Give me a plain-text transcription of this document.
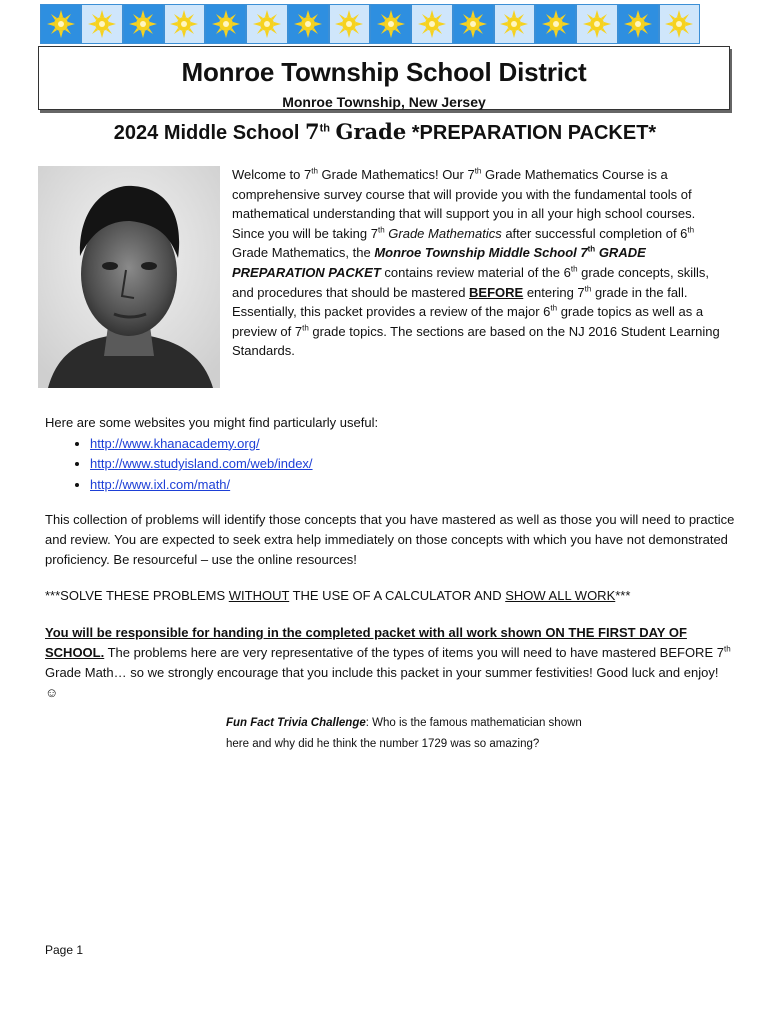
Monroe Township School District
Monroe Township, New Jersey
2024 Middle School 7th Grade *PREPARATION PACKET*
Welcome to 7th Grade Mathematics! Our 7th Grade Mathematics Course is a comprehensive survey course that will provide you with the fundamental tools of mathematical understanding that will support you in all your high school courses. Since you will be taking 7th Grade Mathematics after successful completion of 6th Grade Mathematics, the Monroe Township Middle School 7th GRADE PREPARATION PACKET contains review material of the 6th grade concepts, skills, and procedures that should be mastered BEFORE entering 7th grade in the fall. Essentially, this packet provides a review of the major 6th grade topics as well as a preview of 7th grade topics. The sections are based on the NJ 2016 Student Learning Standards.
Here are some websites you might find particularly useful:
• http://www.khanacademy.org/
• http://www.studyisland.com/web/index/
• http://www.ixl.com/math/
This collection of problems will identify those concepts that you have mastered as well as those you will need to practice and review. You are expected to seek extra help immediately on those concepts with which you have not demonstrated proficiency. Be resourceful – use the online resources!
***SOLVE THESE PROBLEMS WITHOUT THE USE OF A CALCULATOR AND SHOW ALL WORK***
You will be responsible for handing in the completed packet with all work shown ON THE FIRST DAY OF SCHOOL. The problems here are very representative of the types of items you will need to have mastered BEFORE 7th Grade Math… so we strongly encourage that you include this packet in your summer festivities! Good luck and enjoy! ☺
Fun Fact Trivia Challenge: Who is the famous mathematician shown here and why did he think the number 1729 was so amazing?
Page 1
